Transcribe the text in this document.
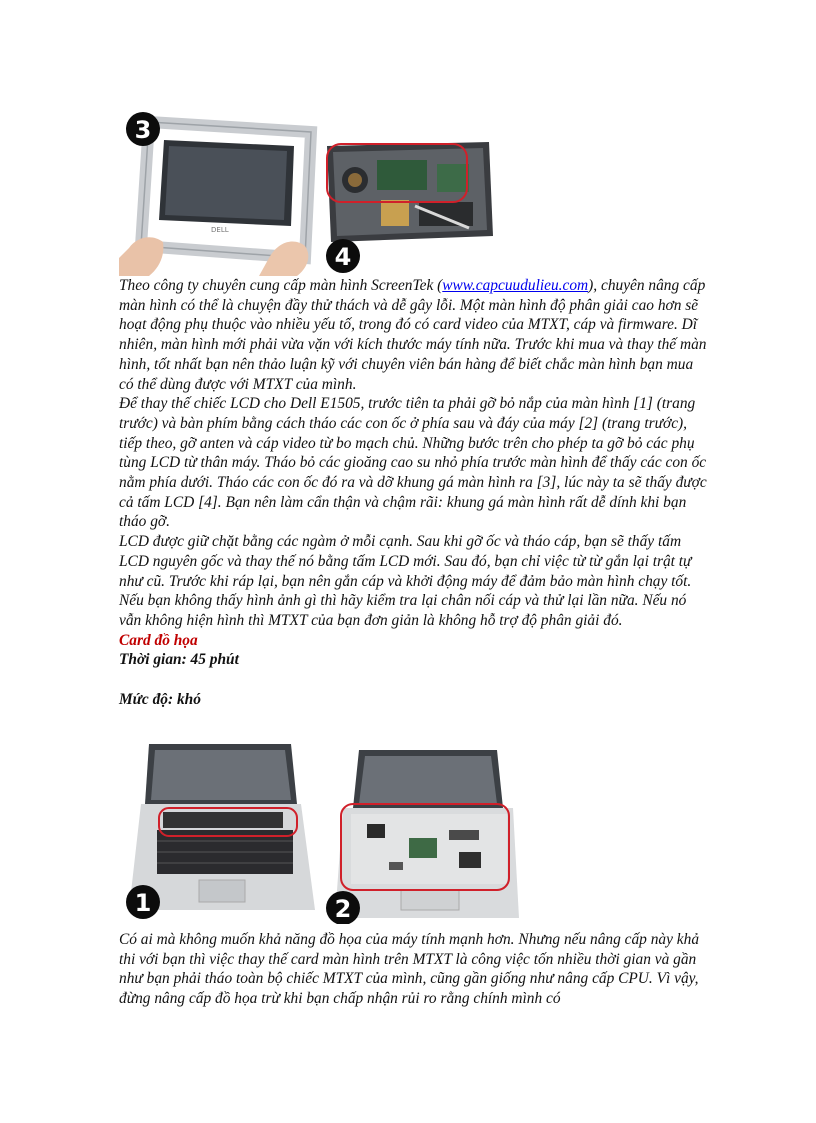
DELL
3
4

Theo công ty chuyên cung cấp màn hình ScreenTek (www.capcuudulieu.com), chuyên nâng cấp màn hình có thể là chuyện đầy thử thách và dễ gây lỗi. Một màn hình độ phân giải cao hơn sẽ hoạt động phụ thuộc vào nhiều yếu tố, trong đó có card video của MTXT, cáp và firmware. Dĩ nhiên, màn hình mới phải vừa vặn với kích thước máy tính nữa. Trước khi mua và thay thế màn hình, tốt nhất bạn nên thảo luận kỹ với chuyên viên bán hàng để biết chắc màn hình bạn mua có thể dùng được với MTXT của mình.

Để thay thế chiếc LCD cho Dell E1505, trước tiên ta phải gỡ bỏ nắp của màn hình [1] (trang trước) và bàn phím bằng cách tháo các con ốc ở phía sau và đáy của máy [2] (trang trước), tiếp theo, gỡ anten và cáp video từ bo mạch chủ. Những bước trên cho phép ta gỡ bỏ các phụ tùng LCD từ thân máy. Tháo bỏ các gioăng cao su nhỏ phía trước màn hình để thấy các con ốc nằm phía dưới. Tháo các con ốc đó ra và dỡ khung gá màn hình ra [3], lúc này ta sẽ thấy được cả tấm LCD [4]. Bạn nên làm cẩn thận và chậm rãi: khung gá màn hình rất dễ dính khi bạn tháo gỡ.

LCD được giữ chặt bằng các ngàm ở mỗi cạnh. Sau khi gỡ ốc và tháo cáp, bạn sẽ thấy tấm LCD nguyên gốc và thay thế nó bằng tấm LCD mới. Sau đó, bạn chỉ việc từ từ gắn lại trật tự như cũ. Trước khi ráp lại, bạn nên gắn cáp và khởi động máy để đảm bảo màn hình chạy tốt. Nếu bạn không thấy hình ảnh gì thì hãy kiểm tra lại chân nối cáp và thử lại lần nữa. Nếu nó vẫn không hiện hình thì MTXT của bạn đơn giản là không hỗ trợ độ phân giải đó.

Card đồ họa

Thời gian: 45 phút

Mức độ: khó

1	2

Có ai mà không muốn khả năng đồ họa của máy tính mạnh hơn. Nhưng nếu nâng cấp này khả thi với bạn thì việc thay thế card màn hình trên MTXT là công việc tốn nhiều thời gian và gần như bạn phải tháo toàn bộ chiếc MTXT của mình, cũng gần giống như nâng cấp CPU. Vì vậy, đừng nâng cấp đồ họa trừ khi bạn chấp nhận rủi ro rằng chính mình có
